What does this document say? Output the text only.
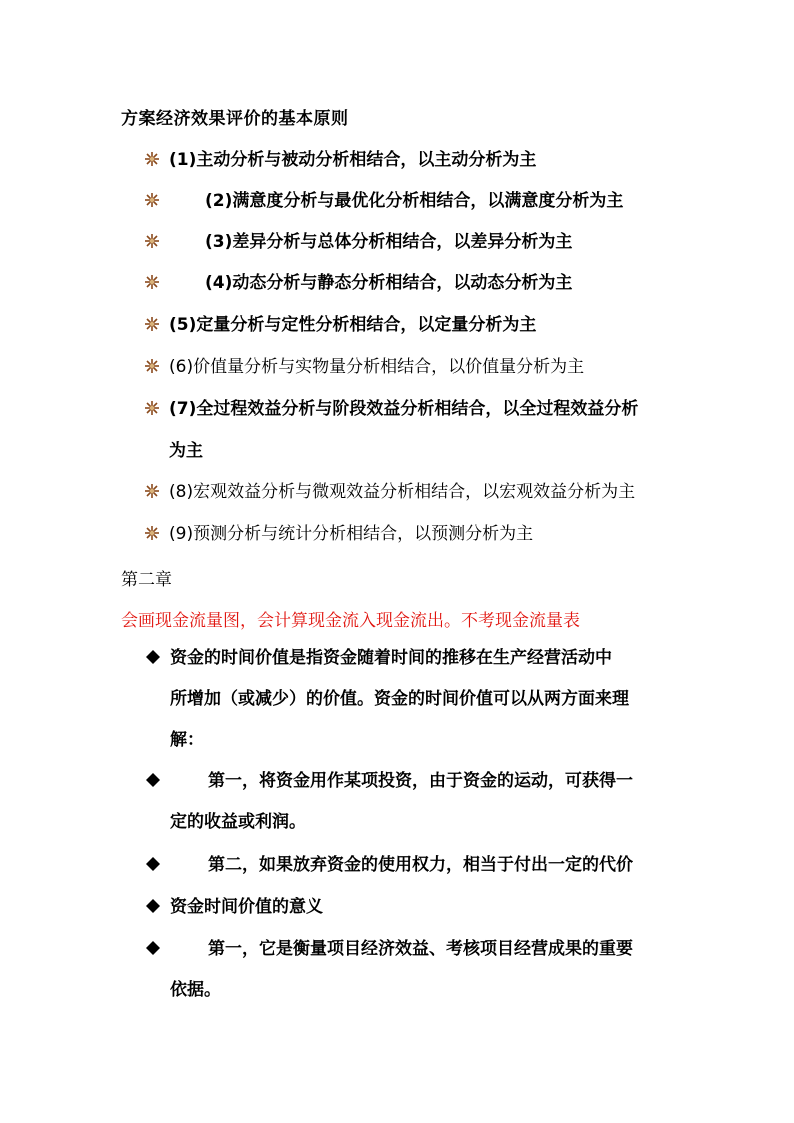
方案经济效果评价的基本原则
(1)主动分析与被动分析相结合，以主动分析为主
(2)满意度分析与最优化分析相结合，以满意度分析为主
(3)差异分析与总体分析相结合，以差异分析为主
(4)动态分析与静态分析相结合，以动态分析为主
(5)定量分析与定性分析相结合，以定量分析为主
(6)价值量分析与实物量分析相结合，以价值量分析为主
(7)全过程效益分析与阶段效益分析相结合，以全过程效益分析
为主
(8)宏观效益分析与微观效益分析相结合，以宏观效益分析为主
(9)预测分析与统计分析相结合，以预测分析为主
第二章
会画现金流量图，会计算现金流入现金流出。不考现金流量表
资金的时间价值是指资金随着时间的推移在生产经营活动中
所增加（或减少）的价值。资金的时间价值可以从两方面来理
解：
第一，将资金用作某项投资，由于资金的运动，可获得一
定的收益或利润。
第二，如果放弃资金的使用权力，相当于付出一定的代价
资金时间价值的意义
第一，它是衡量项目经济效益、考核项目经营成果的重要
依据。
